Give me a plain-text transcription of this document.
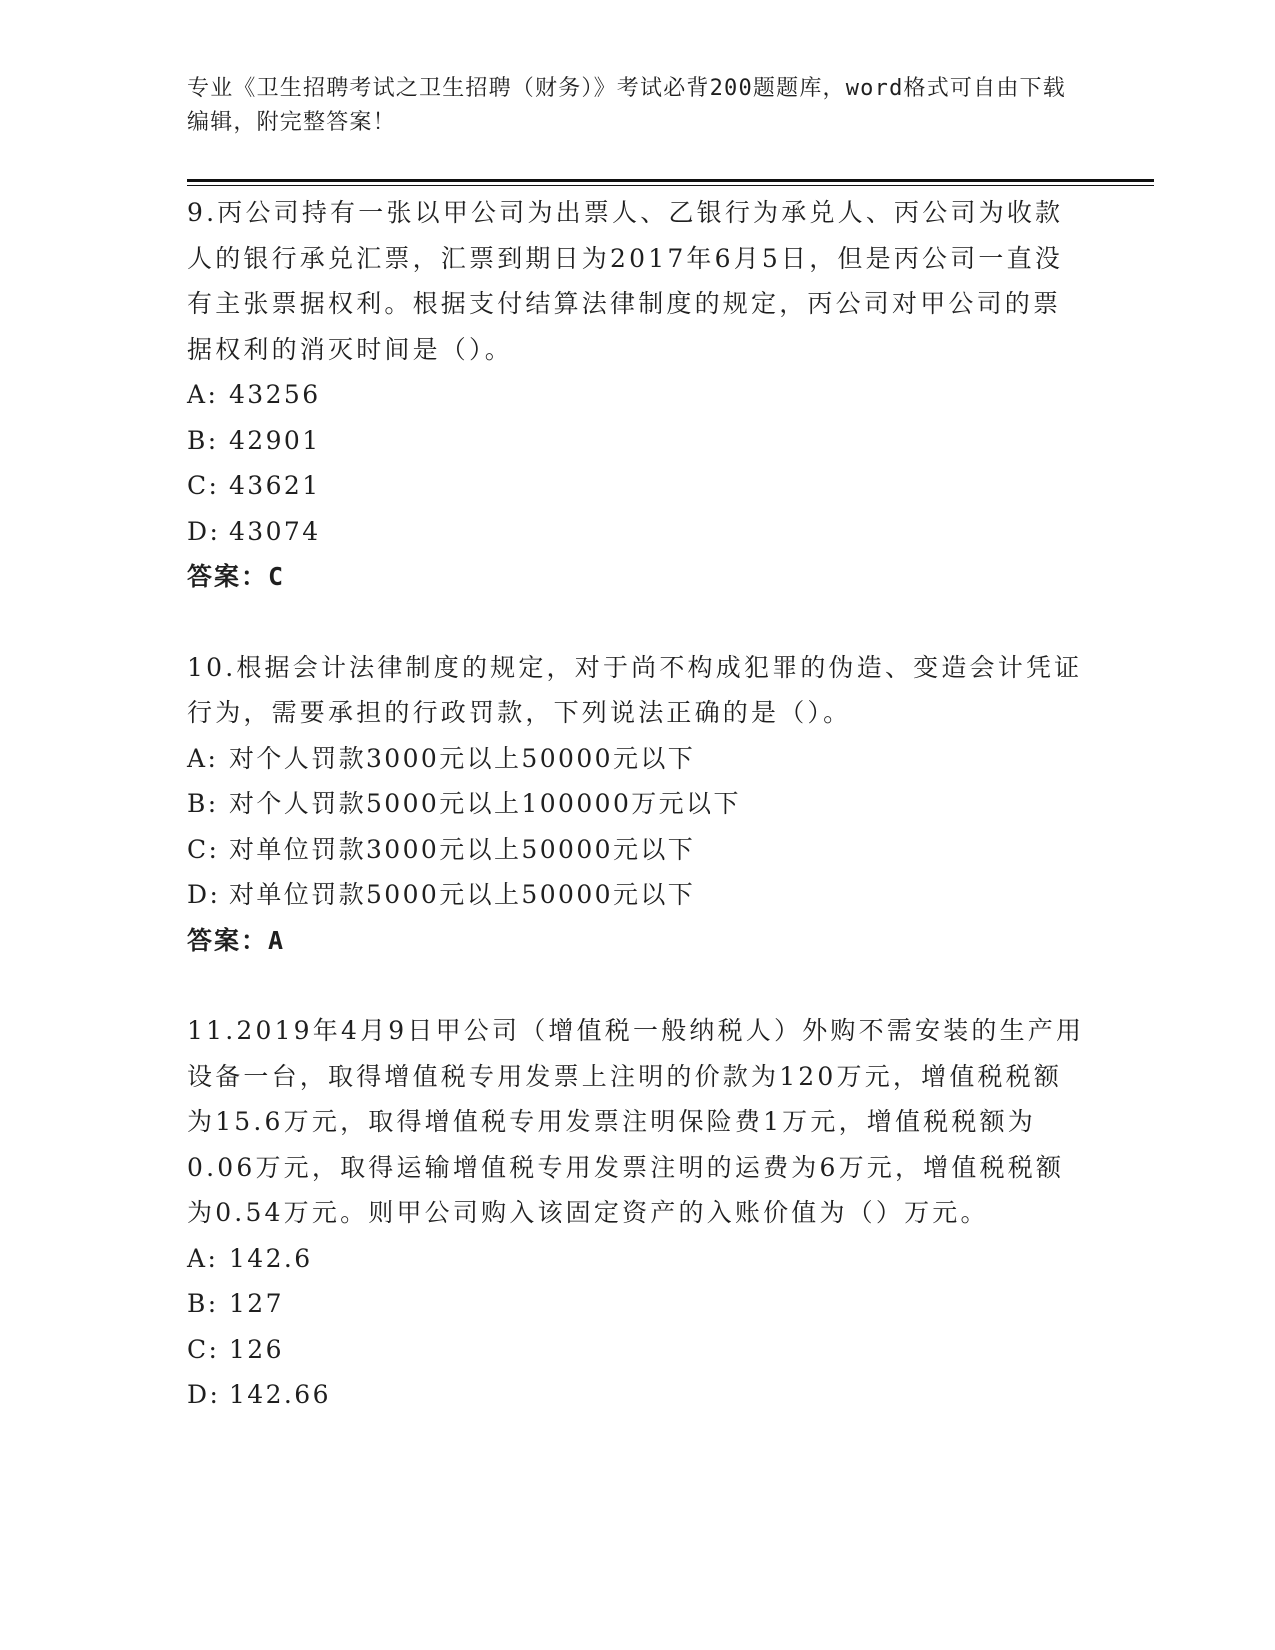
专业《卫生招聘考试之卫生招聘（财务）》考试必背200题题库，word格式可自由下载编辑，附完整答案！

9.丙公司持有一张以甲公司为出票人、乙银行为承兑人、丙公司为收款人的银行承兑汇票，汇票到期日为2017年6月5日，但是丙公司一直没有主张票据权利。根据支付结算法律制度的规定，丙公司对甲公司的票据权利的消灭时间是（）。

A: 43256
B: 42901
C: 43621
D: 43074

答案：C

10.根据会计法律制度的规定，对于尚不构成犯罪的伪造、变造会计凭证行为，需要承担的行政罚款，下列说法正确的是（）。

A: 对个人罚款3000元以上50000元以下
B: 对个人罚款5000元以上100000万元以下
C: 对单位罚款3000元以上50000元以下
D: 对单位罚款5000元以上50000元以下

答案：A

11.2019年4月9日甲公司（增值税一般纳税人）外购不需安装的生产用设备一台，取得增值税专用发票上注明的价款为120万元，增值税税额为15.6万元，取得增值税专用发票注明保险费1万元，增值税税额为0.06万元，取得运输增值税专用发票注明的运费为6万元，增值税税额为0.54万元。则甲公司购入该固定资产的入账价值为（）万元。

A: 142.6
B: 127
C: 126
D: 142.66
